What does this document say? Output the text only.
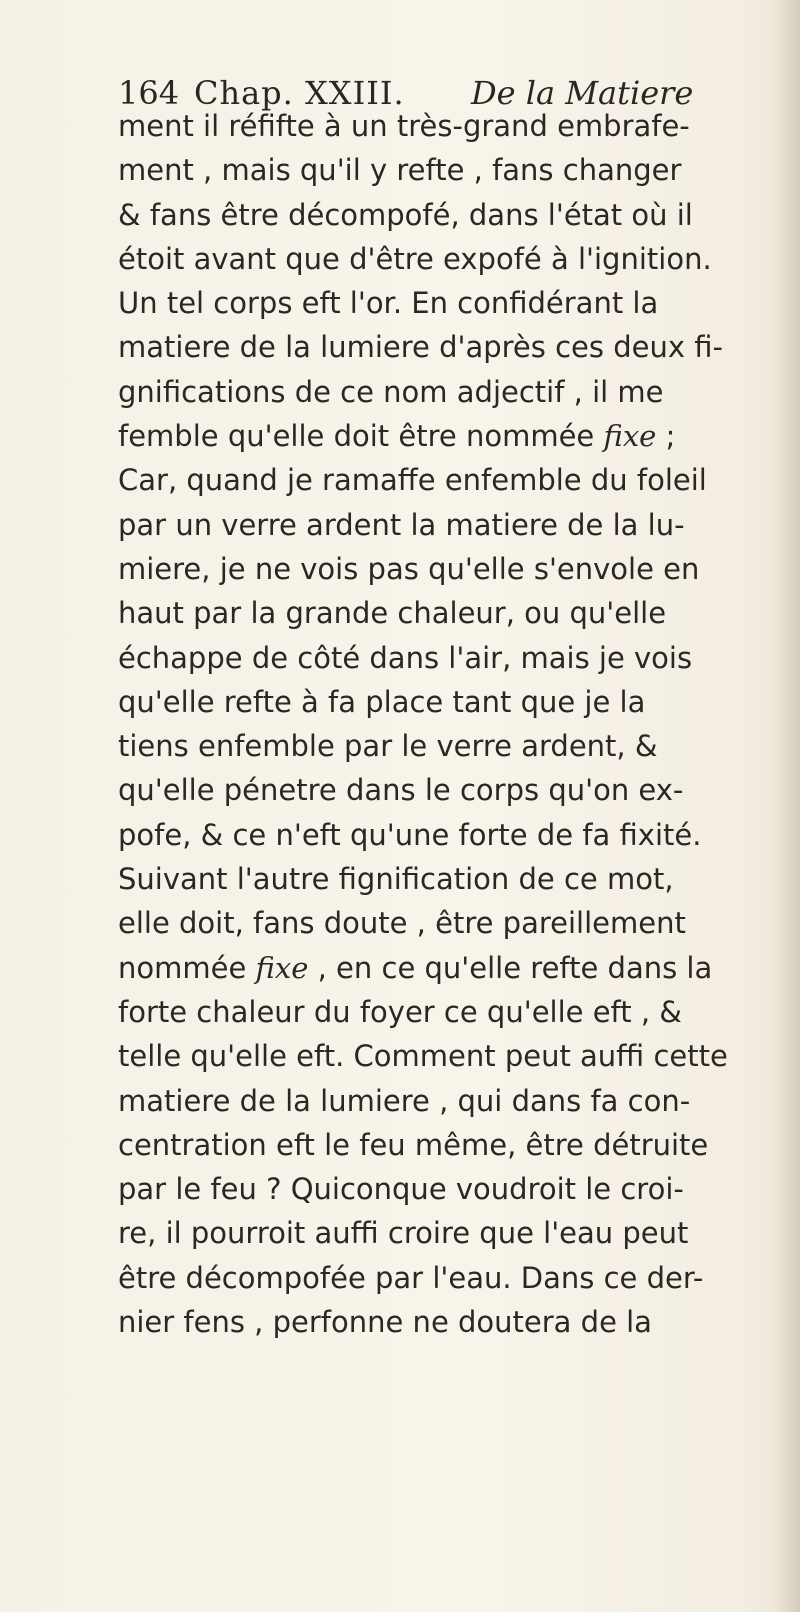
164 Chap. XXIII. De la Matiere
ment il réfifte à un très-grand embrafe-
ment , mais qu'il y refte , fans changer
& fans être décompofé, dans l'état où il
étoit avant que d'être expofé à l'ignition.
Un tel corps eft l'or. En confidérant la
matiere de la lumiere d'après ces deux fi-
gnifications de ce nom adjectif , il me
femble qu'elle doit être nommée fixe ;
Car, quand je ramaffe enfemble du foleil
par un verre ardent la matiere de la lu-
miere, je ne vois pas qu'elle s'envole en
haut par la grande chaleur, ou qu'elle
échappe de côté dans l'air, mais je vois
qu'elle refte à fa place tant que je la
tiens enfemble par le verre ardent, &
qu'elle pénetre dans le corps qu'on ex-
pofe, & ce n'eft qu'une forte de fa fixité.
Suivant l'autre fignification de ce mot,
elle doit, fans doute , être pareillement
nommée fixe , en ce qu'elle refte dans la
forte chaleur du foyer ce qu'elle eft , &
telle qu'elle eft. Comment peut auffi cette
matiere de la lumiere , qui dans fa con-
centration eft le feu même, être détruite
par le feu ? Quiconque voudroit le croi-
re, il pourroit auffi croire que l'eau peut
être décompofée par l'eau. Dans ce der-
nier fens , perfonne ne doutera de la
